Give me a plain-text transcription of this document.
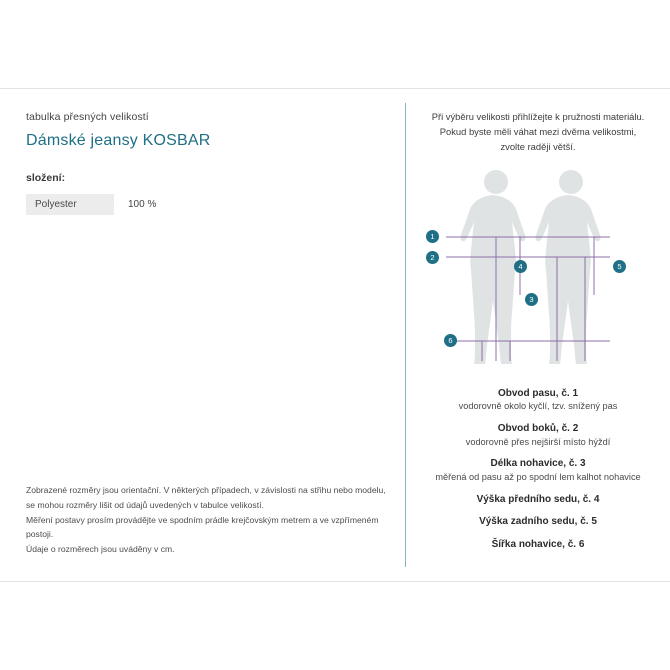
tabulka přesných velikostí
Dámské jeansy KOSBAR
složení:
Polyester	100 %
Zobrazené rozměry jsou orientační. V některých případech, v závislosti na střihu nebo modelu,
se mohou rozměry lišit od údajů uvedených v tabulce velikostí.
Měření postavy prosím provádějte ve spodním prádle krejčovským metrem a ve vzpřímeném postoji.
Údaje o rozměrech jsou uváděny v cm.
Při výběru velikosti přihlížejte k pružnosti materiálu.
Pokud byste měli váhat mezi dvěma velikostmi,
zvolte raději větší.
1
2
3
4	5
6
Obvod pasu, č. 1
vodorovně okolo kyčlí, tzv. snížený pas
Obvod boků, č. 2
vodorovně přes nejširší místo hýždí
Délka nohavice, č. 3
měřená od pasu až po spodní lem kalhot nohavice
Výška předního sedu, č. 4
Výška zadního sedu, č. 5
Šířka nohavice, č. 6
